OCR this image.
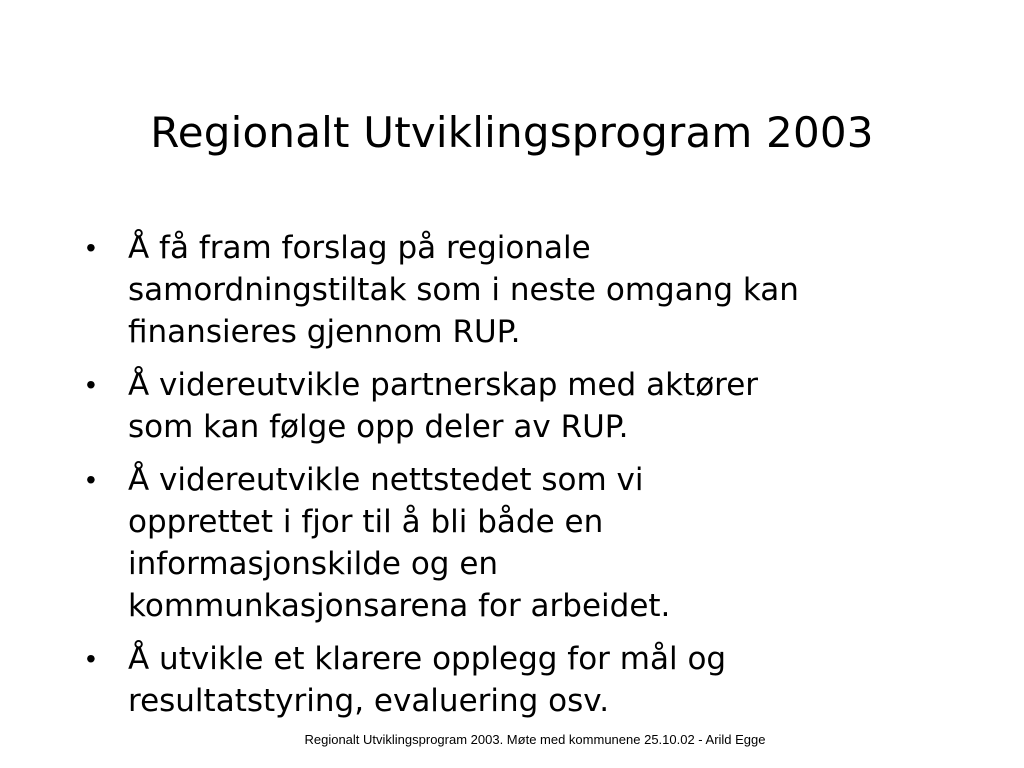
Regionalt Utviklingsprogram 2003
•	Å få fram forslag på regionale
samordningstiltak som i neste omgang kan
finansieres gjennom RUP.
•	Å videreutvikle partnerskap med aktører
som kan følge opp deler av RUP.
•	Å videreutvikle nettstedet som vi
opprettet i fjor til å bli både en
informasjonskilde og en
kommunkasjonsarena for arbeidet.
•	Å utvikle et klarere opplegg for mål og
resultatstyring, evaluering osv.
Regionalt Utviklingsprogram 2003. Møte med kommunene 25.10.02 - Arild Egge
